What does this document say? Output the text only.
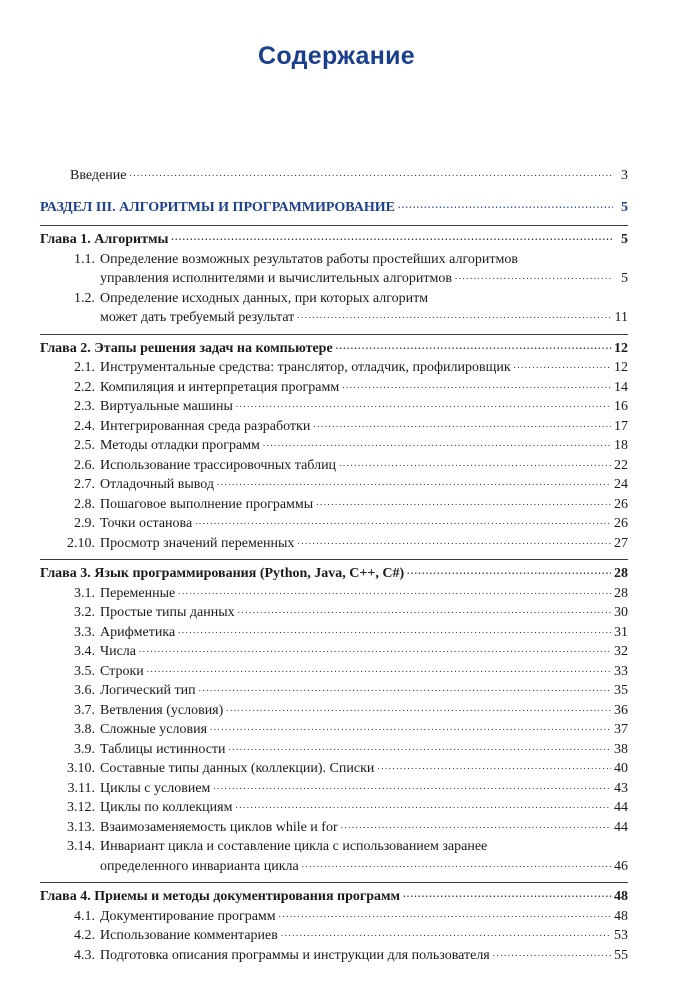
Содержание
Введение .....	3
РАЗДЕЛ III. АЛГОРИТМЫ И ПРОГРАММИРОВАНИЕ .....	5
Глава 1. Алгоритмы .....	5
1.1. Определение возможных результатов работы простейших алгоритмов
управления исполнителями и вычислительных алгоритмов .....	5
1.2. Определение исходных данных, при которых алгоритм
может дать требуемый результат .....	11
Глава 2. Этапы решения задач на компьютере .....	12
2.1. Инструментальные средства: транслятор, отладчик, профилировщик .....	12
2.2. Компиляция и интерпретация программ .....	14
2.3. Виртуальные машины .....	16
2.4. Интегрированная среда разработки .....	17
2.5. Методы отладки программ .....	18
2.6. Использование трассировочных таблиц .....	22
2.7. Отладочный вывод .....	24
2.8. Пошаговое выполнение программы .....	26
2.9. Точки останова .....	26
2.10. Просмотр значений переменных .....	27
Глава 3. Язык программирования (Python, Java, C++, C#) .....	28
3.1. Переменные .....	28
3.2. Простые типы данных .....	30
3.3. Арифметика .....	31
3.4. Числа .....	32
3.5. Строки .....	33
3.6. Логический тип .....	35
3.7. Ветвления (условия) .....	36
3.8. Сложные условия .....	37
3.9. Таблицы истинности .....	38
3.10. Составные типы данных (коллекции). Списки .....	40
3.11. Циклы с условием .....	43
3.12. Циклы по коллекциям .....	44
3.13. Взаимозаменяемость циклов while и for .....	44
3.14. Инвариант цикла и составление цикла с использованием заранее
определенного инварианта цикла .....	46
Глава 4. Приемы и методы документирования программ .....	48
4.1. Документирование программ .....	48
4.2. Использование комментариев .....	53
4.3. Подготовка описания программы и инструкции для пользователя .....	55
